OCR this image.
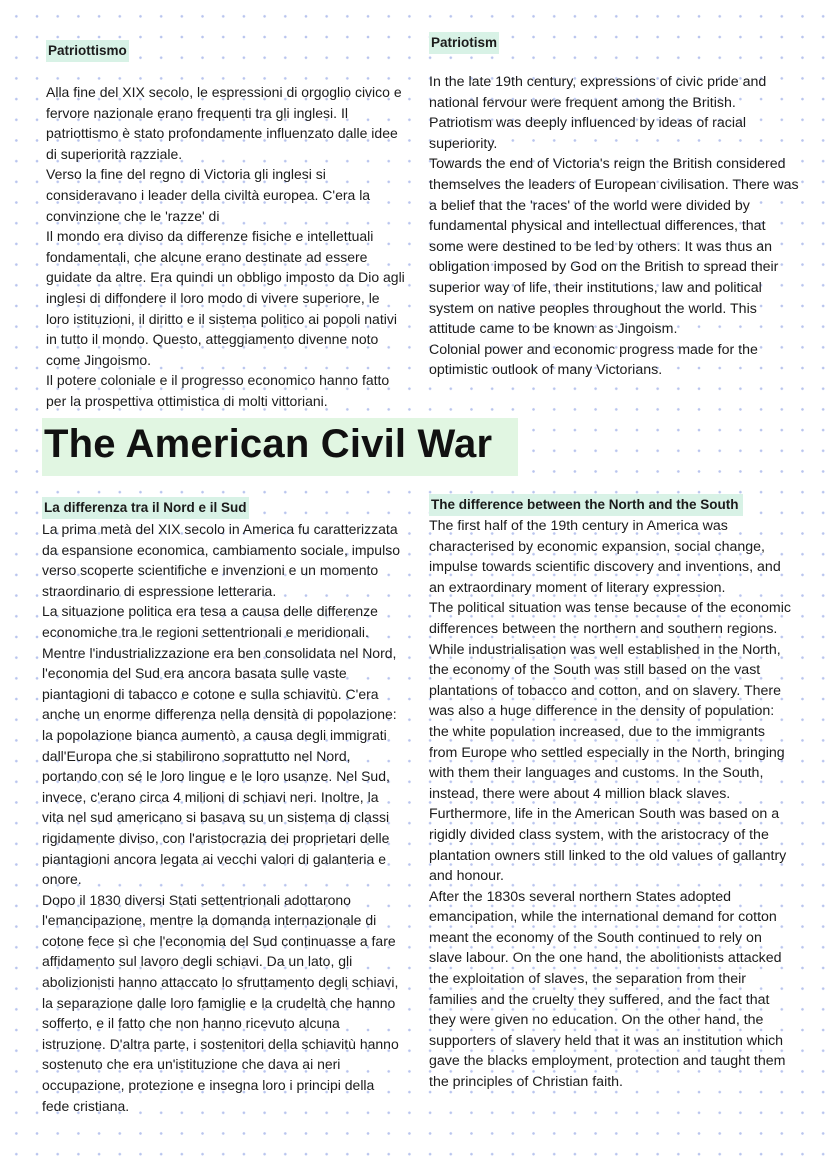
Patriottismo

Alla fine del XIX secolo, le espressioni di orgoglio civico e fervore nazionale erano frequenti tra gli inglesi. Il patriottismo è stato profondamente influenzato dalle idee di superiorità razziale.

Verso la fine del regno di Victoria gli inglesi si consideravano i leader della civiltà europea. C'era la convinzione che le 'razze' di

Il mondo era diviso da differenze fisiche e intellettuali fondamentali, che alcune erano destinate ad essere guidate da altre. Era quindi un obbligo imposto da Dio agli inglesi di diffondere il loro modo di vivere superiore, le loro istituzioni, il diritto e il sistema politico ai popoli nativi in tutto il mondo. Questo, atteggiamento divenne noto come Jingoismo.

Il potere coloniale e il progresso economico hanno fatto per la prospettiva ottimistica di molti vittoriani.

Patriotism

In the late 19th century, expressions of civic pride and national fervour were frequent among the British. Patriotism was deeply influenced by ideas of racial superiority.

Towards the end of Victoria's reign the British considered themselves the leaders of European civilisation. There was a belief that the 'races' of the world were divided by fundamental physical and intellectual differences, that some were destined to be led by others. It was thus an obligation imposed by God on the British to spread their superior way of life, their institutions, law and political system on native peoples throughout the world. This attitude came to be known as Jingoism.

Colonial power and economic progress made for the optimistic outlook of many Victorians.

The American Civil War
La differenza tra il Nord e il Sud

La prima metà del XIX secolo in America fu caratterizzata da espansione economica, cambiamento sociale, impulso verso scoperte scientifiche e invenzioni e un momento straordinario di espressione letteraria.

La situazione politica era tesa a causa delle differenze economiche tra le regioni settentrionali e meridionali. Mentre l'industrializzazione era ben consolidata nel Nord, l'economia del Sud era ancora basata sulle vaste piantagioni di tabacco e cotone e sulla schiavitù. C'era anche un enorme differenza nella densità di popolazione: la popolazione bianca aumentò, a causa degli immigrati dall'Europa che si stabilirono soprattutto nel Nord, portando con sé le loro lingue e le loro usanze. Nel Sud, invece, c'erano circa 4 milioni di schiavi neri. Inoltre, la vita nel sud americano si basava su un sistema di classi rigidamente diviso, con l'aristocrazia dei proprietari delle piantagioni ancora legata ai vecchi valori di galanteria e onore.

Dopo il 1830 diversi Stati settentrionali adottarono l'emancipazione, mentre la domanda internazionale di cotone fece sì che l'economia del Sud continuasse a fare affidamento sul lavoro degli schiavi. Da un lato, gli abolizionisti hanno attaccato lo sfruttamento degli schiavi, la separazione dalle loro famiglie e la crudeltà che hanno sofferto, e il fatto che non hanno ricevuto alcuna istruzione. D'altra parte, i sostenitori della schiavitù hanno sostenuto che era un'istituzione che dava ai neri occupazione, protezione e insegna loro i principi della fede cristiana.

The difference between the North and the South

The first half of the 19th century in America was characterised by economic expansion, social change, impulse towards scientific discovery and inventions, and an extraordinary moment of literary expression.

The political situation was tense because of the economic differences between the northern and southern regions. While industrialisation was well established in the North, the economy of the South was still based on the vast plantations of tobacco and cotton, and on slavery. There was also a huge difference in the density of population: the white population increased, due to the immigrants from Europe who settled especially in the North, bringing with them their languages and customs. In the South, instead, there were about 4 million black slaves. Furthermore, life in the American South was based on a rigidly divided class system, with the aristocracy of the plantation owners still linked to the old values of gallantry and honour.

After the 1830s several northern States adopted emancipation, while the international demand for cotton meant the economy of the South continued to rely on slave labour. On the one hand, the abolitionists attacked the exploitation of slaves, the separation from their families and the cruelty they suffered, and the fact that they were given no education. On the other hand, the supporters of slavery held that it was an institution which gave the blacks employment, protection and taught them the principles of Christian faith.
